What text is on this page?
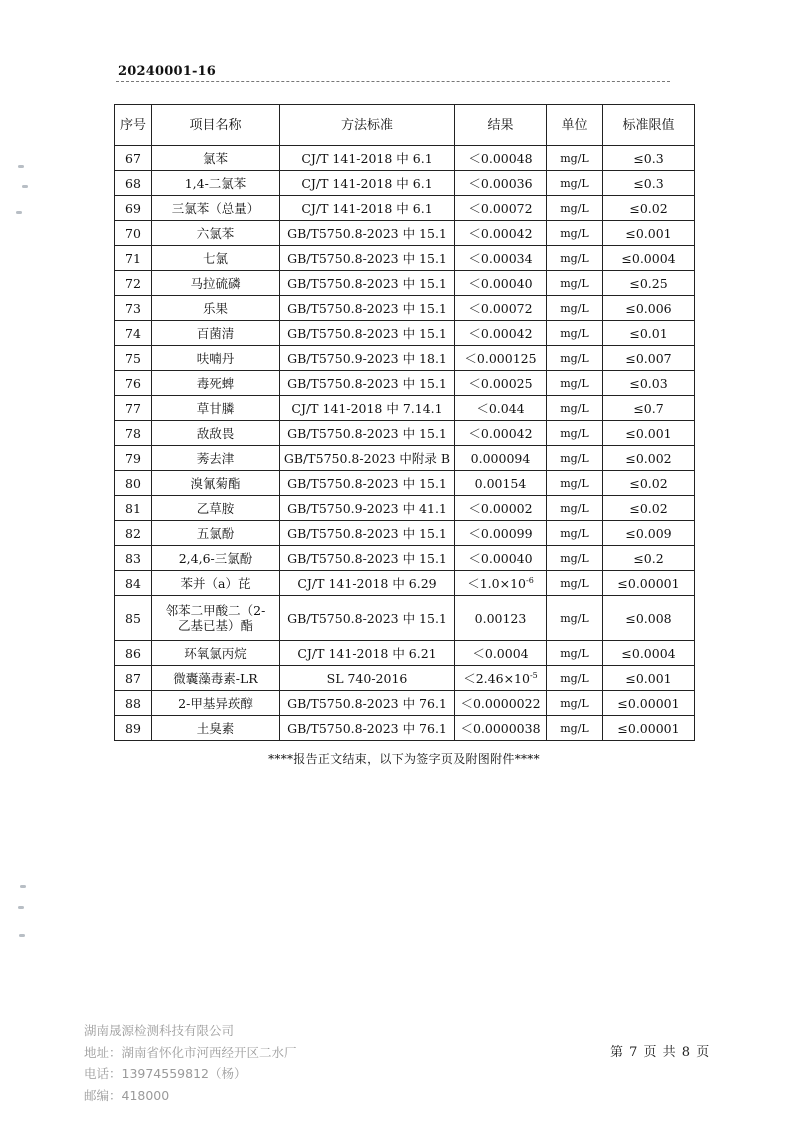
20240001-16
序号	项目名称	方法标准	结果	单位	标准限值
67	氯苯	CJ/T 141-2018 中 6.1	＜0.00048	mg/L	≤0.3
68	1,4-二氯苯	CJ/T 141-2018 中 6.1	＜0.00036	mg/L	≤0.3
69	三氯苯（总量）	CJ/T 141-2018 中 6.1	＜0.00072	mg/L	≤0.02
70	六氯苯	GB/T5750.8-2023 中 15.1	＜0.00042	mg/L	≤0.001
71	七氯	GB/T5750.8-2023 中 15.1	＜0.00034	mg/L	≤0.0004
72	马拉硫磷	GB/T5750.8-2023 中 15.1	＜0.00040	mg/L	≤0.25
73	乐果	GB/T5750.8-2023 中 15.1	＜0.00072	mg/L	≤0.006
74	百菌清	GB/T5750.8-2023 中 15.1	＜0.00042	mg/L	≤0.01
75	呋喃丹	GB/T5750.9-2023 中 18.1	＜0.000125	mg/L	≤0.007
76	毒死蜱	GB/T5750.8-2023 中 15.1	＜0.00025	mg/L	≤0.03
77	草甘膦	CJ/T 141-2018 中 7.14.1	＜0.044	mg/L	≤0.7
78	敌敌畏	GB/T5750.8-2023 中 15.1	＜0.00042	mg/L	≤0.001
79	莠去津	GB/T5750.8-2023 中附录 B	0.000094	mg/L	≤0.002
80	溴氰菊酯	GB/T5750.8-2023 中 15.1	0.00154	mg/L	≤0.02
81	乙草胺	GB/T5750.9-2023 中 41.1	＜0.00002	mg/L	≤0.02
82	五氯酚	GB/T5750.8-2023 中 15.1	＜0.00099	mg/L	≤0.009
83	2,4,6-三氯酚	GB/T5750.8-2023 中 15.1	＜0.00040	mg/L	≤0.2
84	苯并（a）芘	CJ/T 141-2018 中 6.29	$<1.0\times 10^{-6}$	mg/L	≤0.00001
85	邻苯二甲酸二（2-
乙基已基）酯	GB/T5750.8-2023 中 15.1	0.00123	mg/L	≤0.008
86	环氧氯丙烷	CJ/T 141-2018 中 6.21	＜0.0004	mg/L	≤0.0004
87	微囊藻毒素-LR	SL 740-2016	$<2.46\times 10^{-5}$	mg/L	≤0.001
88	2-甲基异莰醇	GB/T5750.8-2023 中 76.1	＜0.0000022	mg/L	≤0.00001
89	土臭素	GB/T5750.8-2023 中 76.1	＜0.0000038	mg/L	≤0.00001
****报告正文结束，以下为签字页及附图附件****
湖南晟源检测科技有限公司
地址：湖南省怀化市河西经开区二水厂
电话：13974559812（杨）
邮编：418000
第 7 页 共 8 页
